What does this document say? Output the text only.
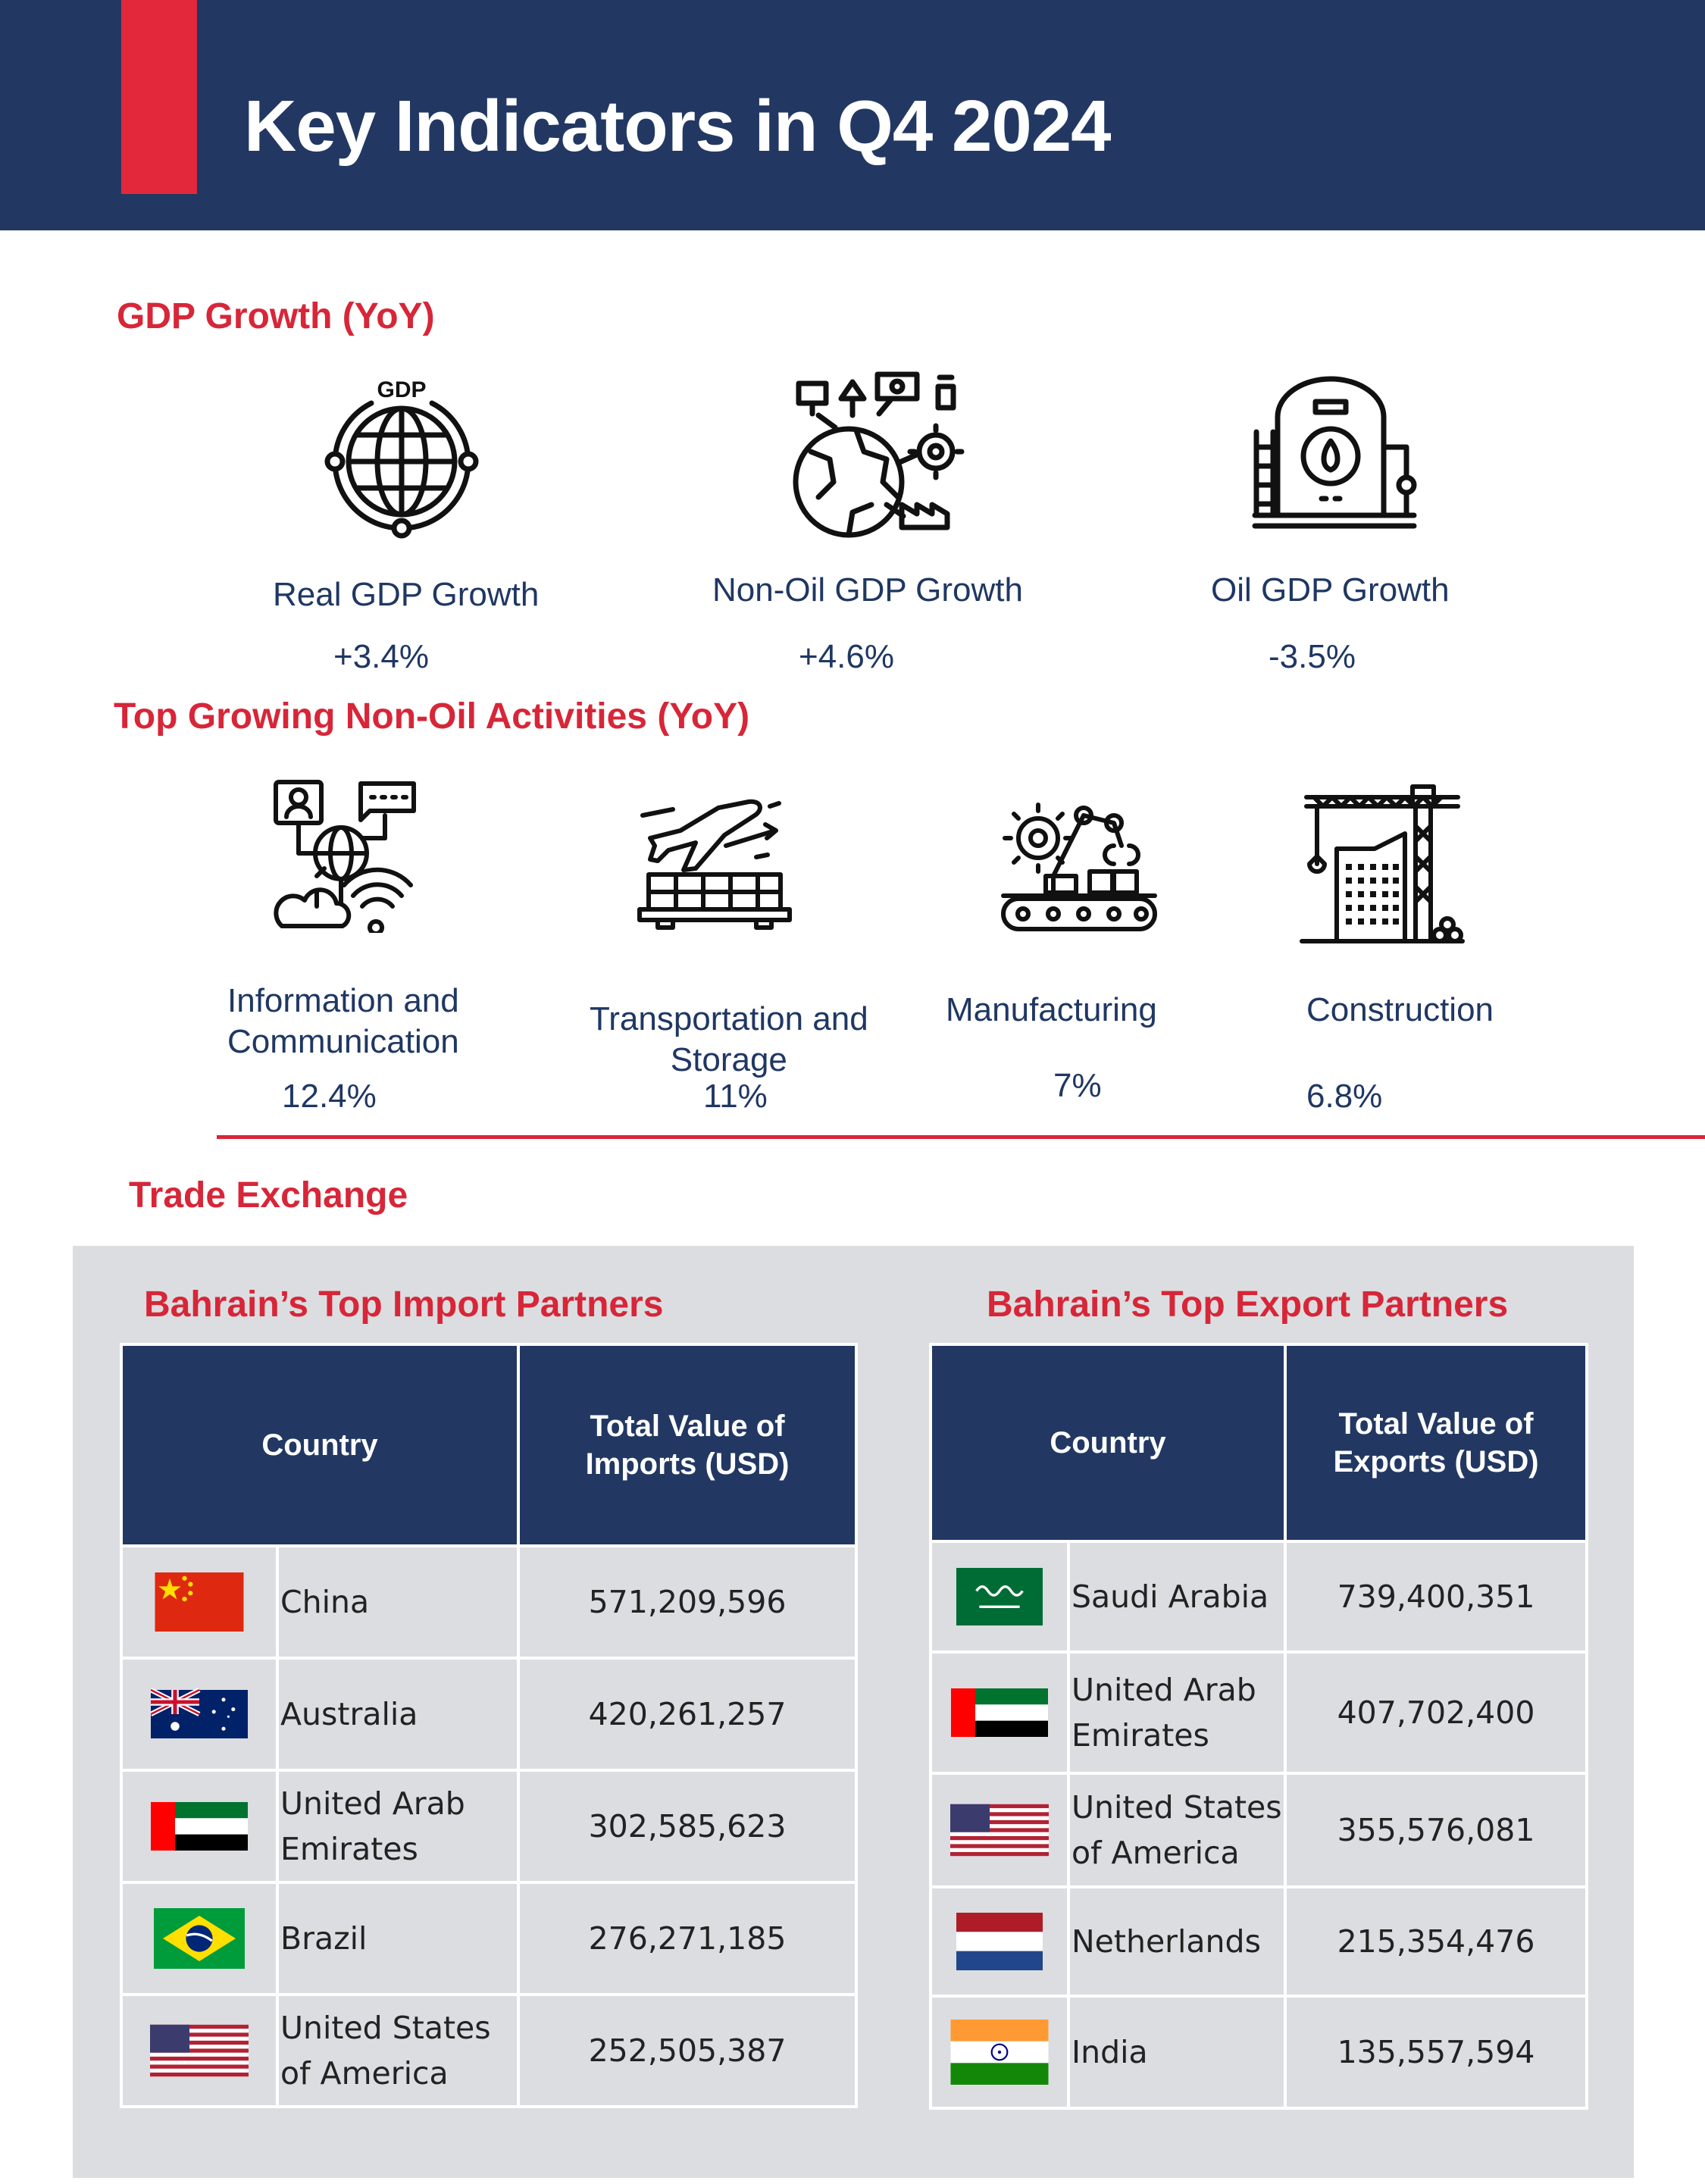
Key Indicators in Q4 2024
GDP Growth (YoY)
GDP
Real GDP Growth
+3.4%
Non-Oil GDP Growth
+4.6%
Oil GDP Growth
-3.5%
Top Growing Non-Oil Activities (YoY)
Information and
Communication
12.4%
Transportation and
Storage
11%
Manufacturing
7%
Construction
6.8%
Trade Exchange
Bahrain’s Top Import Partners
Country		Total Value of
Imports (USD)

China	571,209,596

Australia	420,261,257

United Arab
Emirates	302,585,623

Brazil	276,271,185

United States
of America	252,505,387
Bahrain’s Top Export Partners
Country		Total Value of
Exports (USD)

Saudi Arabia	739,400,351

United Arab
Emirates	407,702,400

United States
of America	355,576,081

Netherlands	215,354,476

India	135,557,594
